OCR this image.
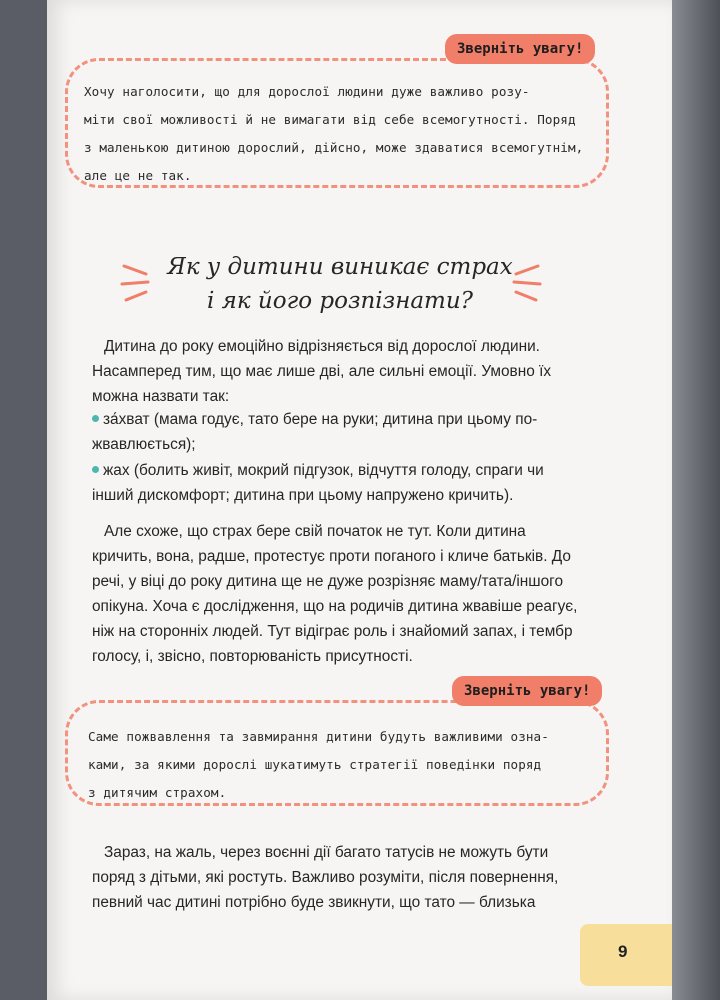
Зверніть увагу!
Хочу наголосити, що для дорослої людини дуже важливо розу-
міти свої можливості й не вимагати від себе всемогутності. Поряд
з маленькою дитиною дорослий, дійсно, може здаватися всемогутнім,
але це не так.
Як у дитини виникає страх
і як його розпізнати?
Дитина до року емоційно відрізняється від дорослої людини.
Насамперед тим, що має лише дві, але сильні емоції. Умовно їх
можна назвати так:
за́хват (мама годує, тато бере на руки; дитина при цьому по-
жвавлюється);
жах (болить живіт, мокрий підгузок, відчуття голоду, спраги чи
інший дискомфорт; дитина при цьому напружено кричить).
Але схоже, що страх бере свій початок не тут. Коли дитина
кричить, вона, радше, протестує проти поганого і кличе батьків. До
речі, у віці до року дитина ще не дуже розрізняє маму/тата/іншого
опікуна. Хоча є дослідження, що на родичів дитина жвавіше реагує,
ніж на сторонніх людей. Тут відіграє роль і знайомий запах, і тембр
голосу, і, звісно, повторюваність присутності.
Зверніть увагу!
Саме пожвавлення та завмирання дитини будуть важливими озна-
ками, за якими дорослі шукатимуть стратегії поведінки поряд
з дитячим страхом.
Зараз, на жаль, через воєнні дії багато татусів не можуть бути
поряд з дітьми, які ростуть. Важливо розуміти, після повернення,
певний час дитині потрібно буде звикнути, що тато — близька
9
